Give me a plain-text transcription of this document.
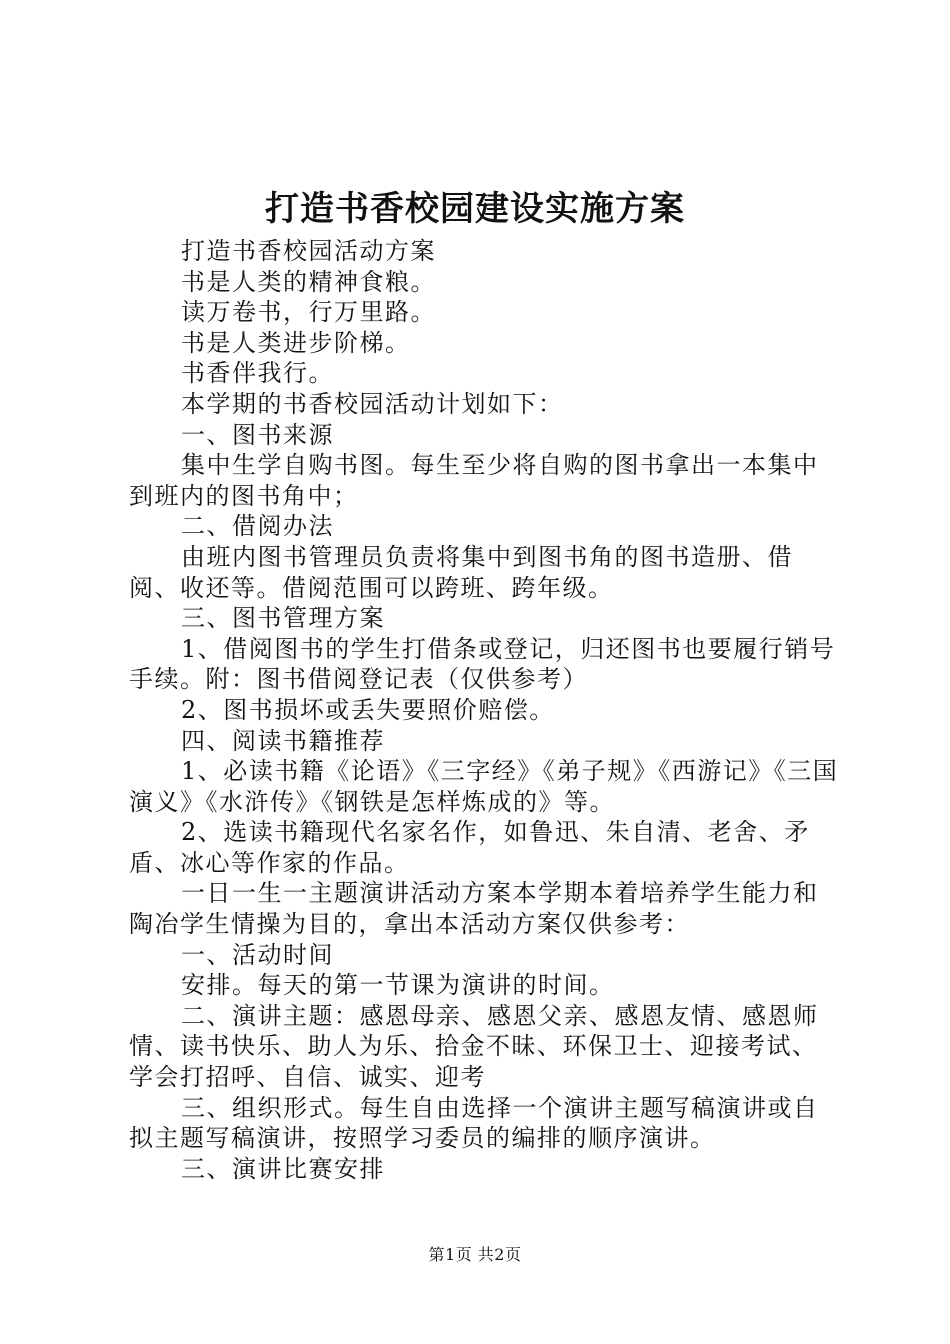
打造书香校园建设实施方案

打造书香校园活动方案

书是人类的精神食粮。

读万卷书，行万里路。

书是人类进步阶梯。

书香伴我行。

本学期的书香校园活动计划如下：

一、图书来源

集中生学自购书图。每生至少将自购的图书拿出一本集中到班内的图书角中；

二、借阅办法

由班内图书管理员负责将集中到图书角的图书造册、借阅、收还等。借阅范围可以跨班、跨年级。

三、图书管理方案

1、借阅图书的学生打借条或登记，归还图书也要履行销号手续。附：图书借阅登记表（仅供参考）

2、图书损坏或丢失要照价赔偿。

四、阅读书籍推荐

1、必读书籍《论语》《三字经》《弟子规》《西游记》《三国演义》《水浒传》《钢铁是怎样炼成的》等。

2、选读书籍现代名家名作，如鲁迅、朱自清、老舍、矛盾、冰心等作家的作品。

一日一生一主题演讲活动方案本学期本着培养学生能力和陶冶学生情操为目的，拿出本活动方案仅供参考：

一、活动时间

安排。每天的第一节课为演讲的时间。

二、演讲主题：感恩母亲、感恩父亲、感恩友情、感恩师情、读书快乐、助人为乐、拾金不昧、环保卫士、迎接考试、学会打招呼、自信、诚实、迎考

三、组织形式。每生自由选择一个演讲主题写稿演讲或自拟主题写稿演讲，按照学习委员的编排的顺序演讲。

三、演讲比赛安排

第1页 共2页
